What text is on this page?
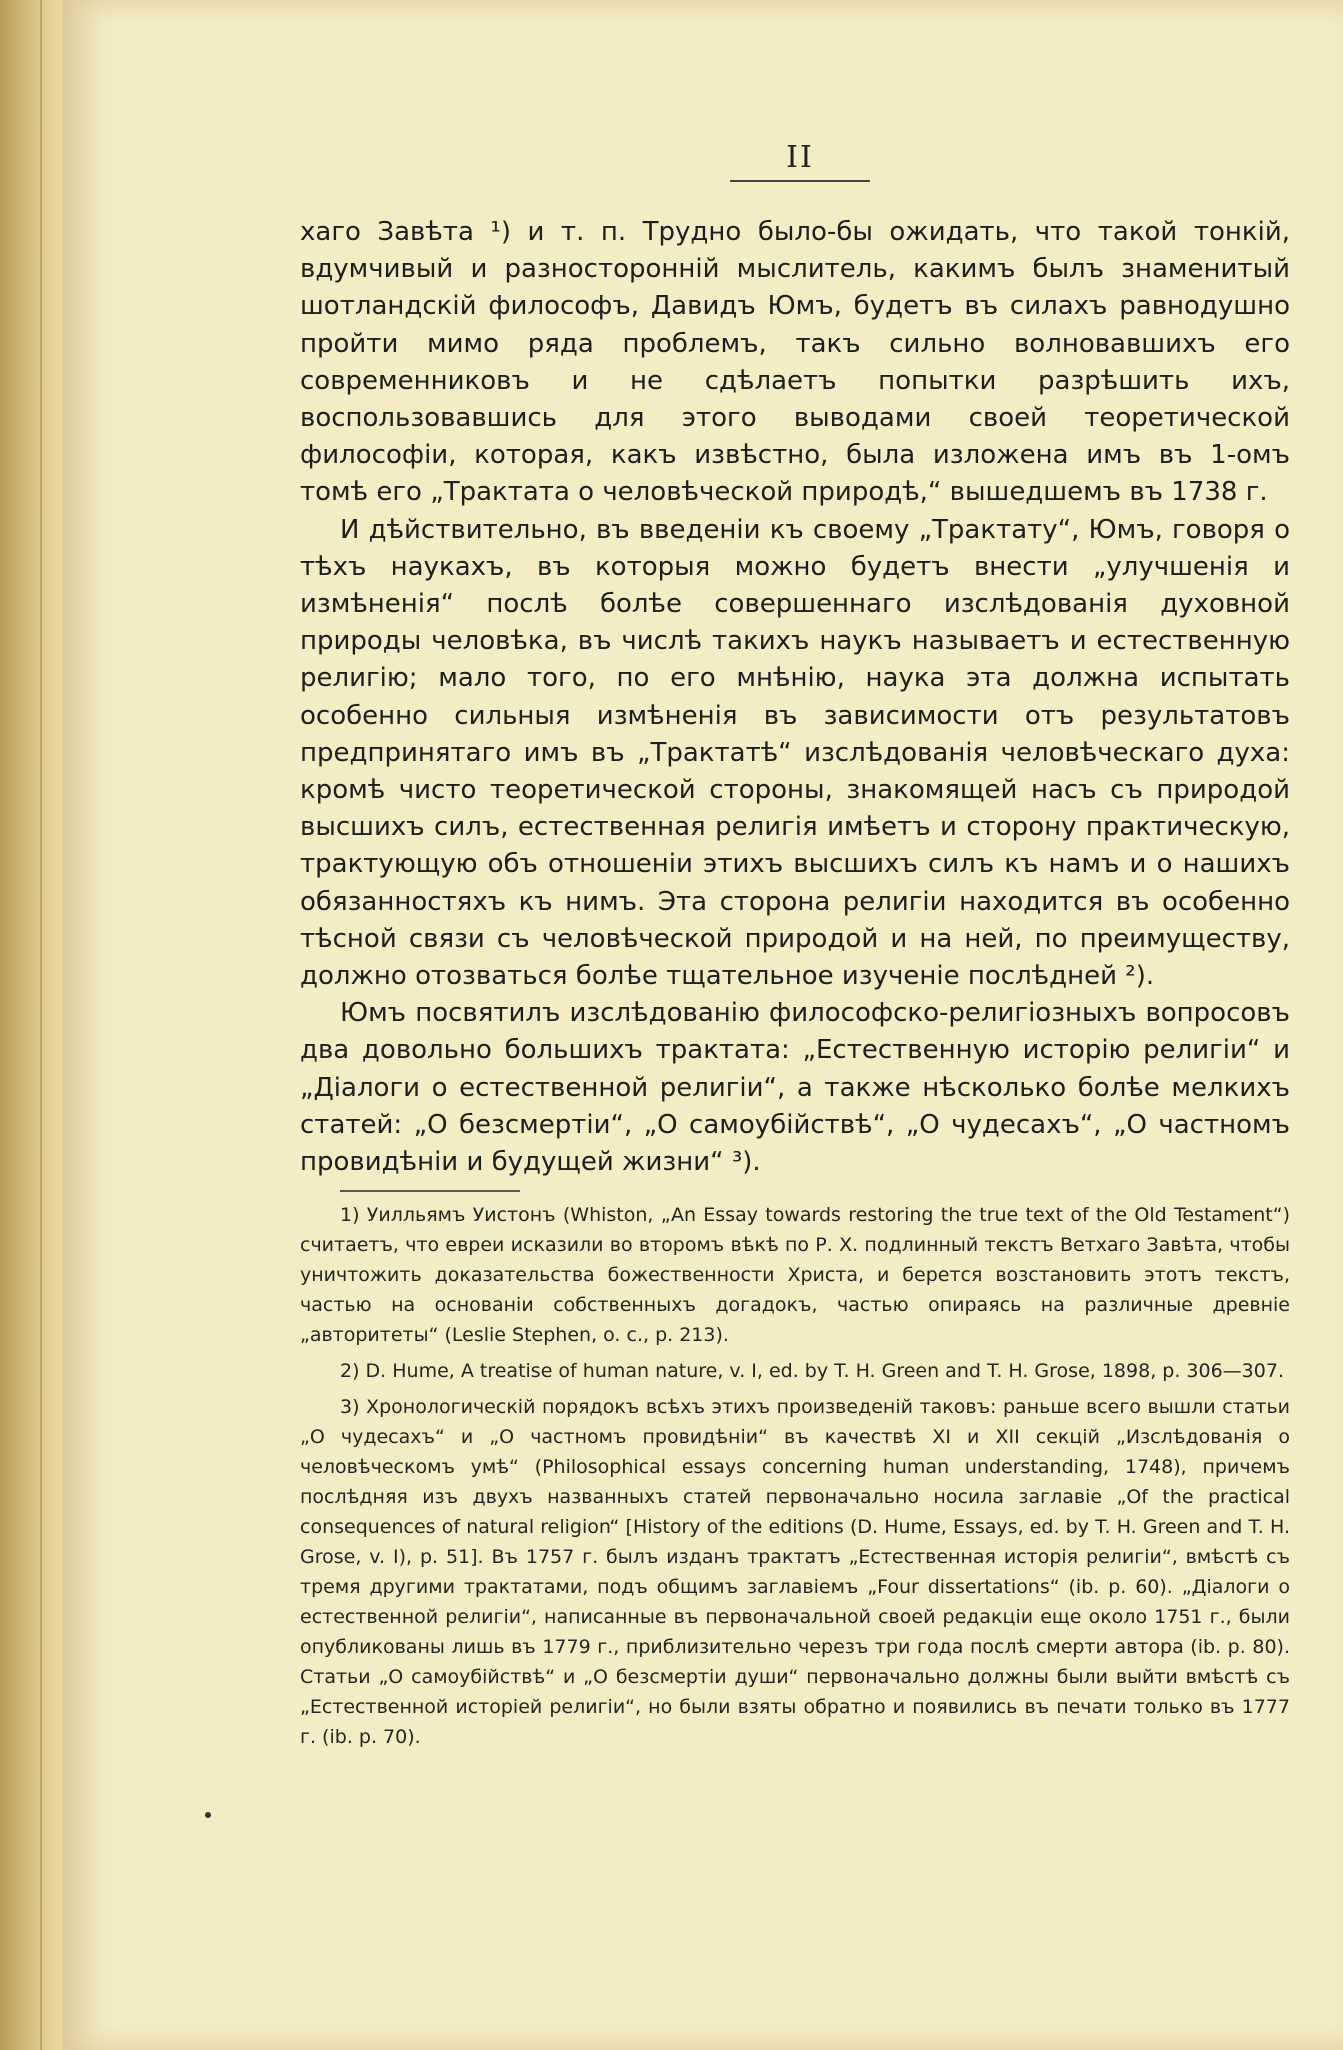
II

хаго Завѣта ¹) и т. п. Трудно было-бы ожидать, что такой тонкій, вдумчивый и разносторонній мыслитель, какимъ былъ знаменитый шотландскій философъ, Давидъ Юмъ, будетъ въ силахъ равнодушно пройти мимо ряда проблемъ, такъ сильно волновавшихъ его современниковъ и не сдѣлаетъ попытки разрѣшить ихъ, воспользовавшись для этого выводами своей теоретической философіи, которая, какъ извѣстно, была изложена имъ въ 1-омъ томѣ его „Трактата о человѣческой природѣ,“ вышедшемъ въ 1738 г.

И дѣйствительно, въ введеніи къ своему „Трактату“, Юмъ, говоря о тѣхъ наукахъ, въ которыя можно будетъ внести „улучшенія и измѣненія“ послѣ болѣе совершеннаго изслѣдованія духовной природы человѣка, въ числѣ такихъ наукъ называетъ и естественную религію; мало того, по его мнѣнію, наука эта должна испытать особенно сильныя измѣненія въ зависимости отъ результатовъ предпринятаго имъ въ „Трактатѣ“ изслѣдованія человѣческаго духа: кромѣ чисто теоретической стороны, знакомящей насъ съ природой высшихъ силъ, естественная религія имѣетъ и сторону практическую, трактующую объ отношеніи этихъ высшихъ силъ къ намъ и о нашихъ обязанностяхъ къ нимъ. Эта сторона религіи находится въ особенно тѣсной связи съ человѣческой природой и на ней, по преимуществу, должно отозваться болѣе тщательное изученіе послѣдней ²).

Юмъ посвятилъ изслѣдованію философско-религіозныхъ вопросовъ два довольно большихъ трактата: „Естественную исторію религіи“ и „Діалоги о естественной религіи“, а также нѣсколько болѣе мелкихъ статей: „О безсмертіи“, „О самоубійствѣ“, „О чудесахъ“, „О частномъ провидѣніи и будущей жизни“ ³).

1) Уилльямъ Уистонъ (Whiston, „An Essay towards restoring the true text of the Old Testament“) считаетъ, что евреи исказили во второмъ вѣкѣ по Р. Х. подлинный текстъ Ветхаго Завѣта, чтобы уничтожить доказательства божественности Христа, и берется возстановить этотъ текстъ, частью на основаніи собственныхъ догадокъ, частью опираясь на различные древніе „авторитеты“ (Leslie Stephen, o. c., p. 213).

2) D. Hume, A treatise of human nature, v. I, ed. by T. H. Green and T. H. Grose, 1898, p. 306—307.

3) Хронологическій порядокъ всѣхъ этихъ произведеній таковъ: раньше всего вышли статьи „О чудесахъ“ и „О частномъ провидѣніи“ въ качествѣ XI и XII секцій „Изслѣдованія о человѣческомъ умѣ“ (Philosophical essays concerning human understanding, 1748), причемъ послѣдняя изъ двухъ названныхъ статей первоначально носила заглавіе „Of the practical consequences of natural religion“ [History of the editions (D. Hume, Essays, ed. by T. H. Green and T. H. Grose, v. I), p. 51]. Въ 1757 г. былъ изданъ трактатъ „Естественная исторія религіи“, вмѣстѣ съ тремя другими трактатами, подъ общимъ заглавіемъ „Four dissertations“ (ib. p. 60). „Діалоги о естественной религіи“, написанные въ первоначальной своей редакціи еще около 1751 г., были опубликованы лишь въ 1779 г., приблизительно черезъ три года послѣ смерти автора (ib. p. 80). Статьи „О самоубійствѣ“ и „О безсмертіи души“ первоначально должны были выйти вмѣстѣ съ „Естественной исторіей религіи“, но были взяты обратно и появились въ печати только въ 1777 г. (ib. p. 70).
